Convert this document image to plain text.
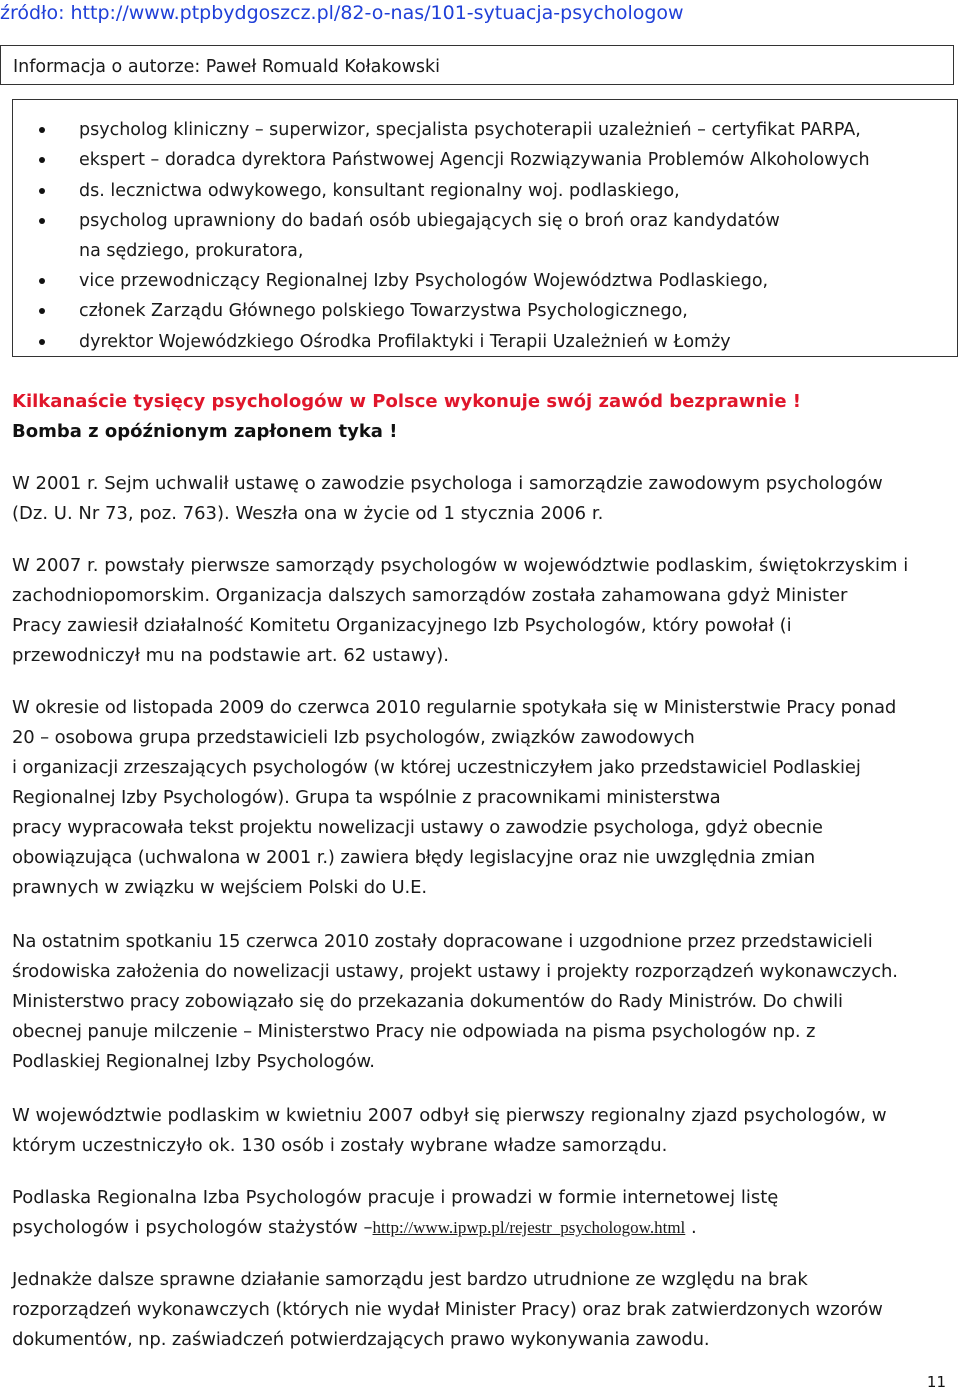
źródło: http://www.ptpbydgoszcz.pl/82-o-nas/101-sytuacja-psychologow
Informacja o autorze: Paweł Romuald Kołakowski
psycholog kliniczny – superwizor, specjalista psychoterapii uzależnień – certyfikat PARPA,
ekspert – doradca dyrektora Państwowej Agencji Rozwiązywania Problemów Alkoholowych
ds. lecznictwa odwykowego, konsultant regionalny woj. podlaskiego,
psycholog uprawniony do badań osób ubiegających się o broń oraz kandydatów
na sędziego, prokuratora,
vice przewodniczący Regionalnej Izby Psychologów Województwa Podlaskiego,
członek Zarządu Głównego polskiego Towarzystwa Psychologicznego,
dyrektor Wojewódzkiego Ośrodka Profilaktyki i Terapii Uzależnień w Łomży
Kilkanaście tysięcy psychologów w Polsce wykonuje swój zawód bezprawnie !
Bomba z opóźnionym zapłonem tyka !
W 2001 r. Sejm uchwalił ustawę o zawodzie psychologa i samorządzie zawodowym psychologów
(Dz. U. Nr 73, poz. 763). Weszła ona w życie od 1 stycznia 2006 r.
W 2007 r. powstały pierwsze samorządy psychologów w województwie podlaskim, świętokrzyskim i
zachodniopomorskim. Organizacja dalszych samorządów została zahamowana gdyż Minister
Pracy zawiesił działalność Komitetu Organizacyjnego Izb Psychologów, który powołał (i
przewodniczył mu na podstawie art. 62 ustawy).
W okresie od listopada 2009 do czerwca 2010 regularnie spotykała się w Ministerstwie Pracy ponad
20 – osobowa grupa przedstawicieli Izb psychologów, związków zawodowych
i organizacji zrzeszających psychologów (w której uczestniczyłem jako przedstawiciel Podlaskiej
Regionalnej Izby Psychologów). Grupa ta wspólnie z pracownikami ministerstwa
pracy wypracowała tekst projektu nowelizacji ustawy o zawodzie psychologa, gdyż obecnie
obowiązująca (uchwalona w 2001 r.) zawiera błędy legislacyjne oraz nie uwzględnia zmian
prawnych w związku w wejściem Polski do U.E.
Na ostatnim spotkaniu 15 czerwca 2010 zostały dopracowane i uzgodnione przez przedstawicieli
środowiska założenia do nowelizacji ustawy, projekt ustawy i projekty rozporządzeń wykonawczych.
Ministerstwo pracy zobowiązało się do przekazania dokumentów do Rady Ministrów. Do chwili
obecnej panuje milczenie – Ministerstwo Pracy nie odpowiada na pisma psychologów np. z
Podlaskiej Regionalnej Izby Psychologów.
W województwie podlaskim w kwietniu 2007 odbył się pierwszy regionalny zjazd psychologów, w
którym uczestniczyło ok. 130 osób i zostały wybrane władze samorządu.
Podlaska Regionalna Izba Psychologów pracuje i prowadzi w formie internetowej listę
psychologów i psychologów stażystów –http://www.ipwp.pl/rejestr_psychologow.html .
Jednakże dalsze sprawne działanie samorządu jest bardzo utrudnione ze względu na brak
rozporządzeń wykonawczych (których nie wydał Minister Pracy) oraz brak zatwierdzonych wzorów
dokumentów, np. zaświadczeń potwierdzających prawo wykonywania zawodu.
11
